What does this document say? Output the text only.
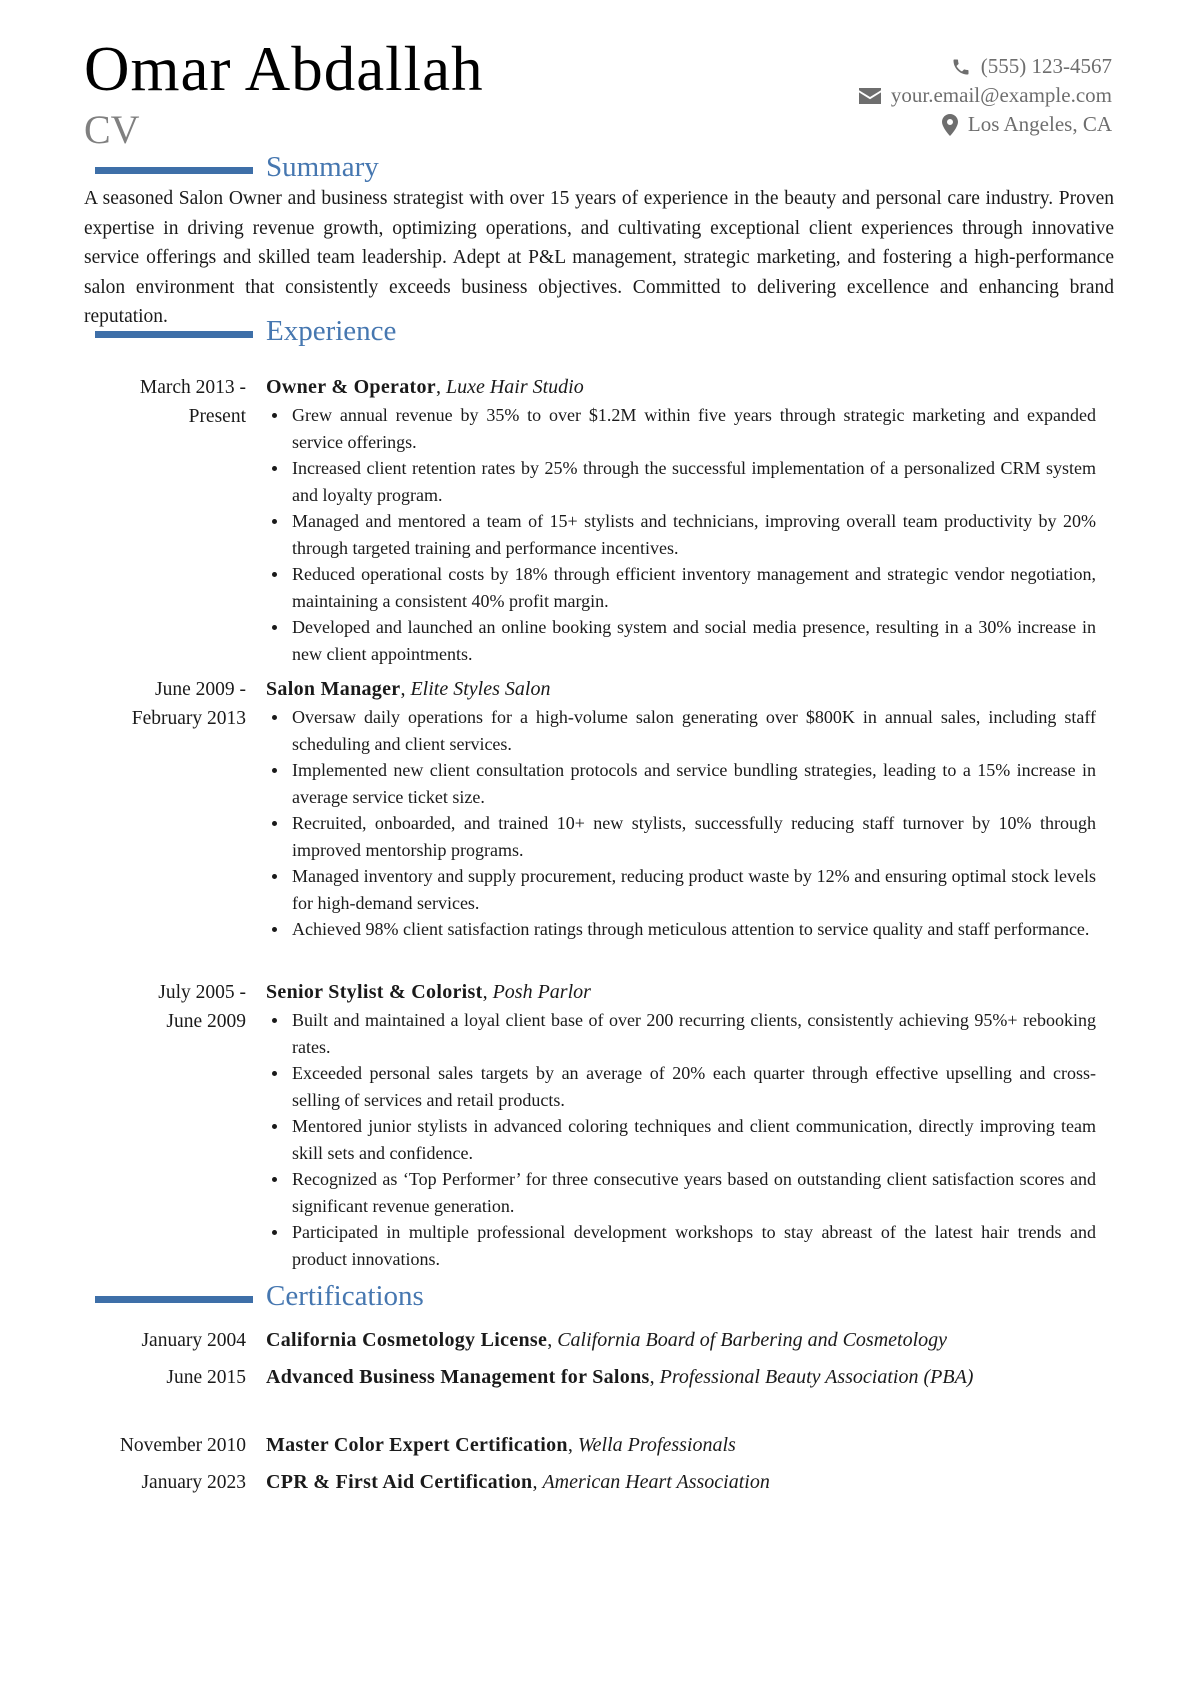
Omar Abdallah
CV
(555) 123-4567
your.email@example.com
Los Angeles, CA
Summary

A seasoned Salon Owner and business strategist with over 15 years of experience in the beauty and personal care industry. Proven expertise in driving revenue growth, optimizing operations, and cultivating exceptional client experiences through innovative service offerings and skilled team leadership. Adept at P&L management, strategic marketing, and fostering a high-performance salon environment that consistently exceeds business objectives. Committed to delivering excellence and enhancing brand reputation.	Experience
March 2013 -
Present
Owner & Operator, Luxe Hair Studio
Grew annual revenue by 35% to over $1.2M within five years through strategic marketing and expanded service offerings.
Increased client retention rates by 25% through the successful implementation of a personalized CRM system and loyalty program.
Managed and mentored a team of 15+ stylists and technicians, improving overall team productivity by 20% through targeted training and performance incentives.
Reduced operational costs by 18% through efficient inventory management and strategic vendor negotiation, maintaining a consistent 40% profit margin.
Developed and launched an online booking system and social media presence, resulting in a 30% increase in new client appointments.
June 2009 -
February 2013
Salon Manager, Elite Styles Salon
Oversaw daily operations for a high-volume salon generating over $800K in annual sales, including staff scheduling and client services.
Implemented new client consultation protocols and service bundling strategies, leading to a 15% increase in average service ticket size.
Recruited, onboarded, and trained 10+ new stylists, successfully reducing staff turnover by 10% through improved mentorship programs.
Managed inventory and supply procurement, reducing product waste by 12% and ensuring optimal stock levels for high-demand services.
Achieved 98% client satisfaction ratings through meticulous attention to service quality and staff performance.
July 2005 -
June 2009
Senior Stylist & Colorist, Posh Parlor
Built and maintained a loyal client base of over 200 recurring clients, consistently achieving 95%+ rebooking rates.
Exceeded personal sales targets by an average of 20% each quarter through effective upselling and cross-selling of services and retail products.
Mentored junior stylists in advanced coloring techniques and client communication, directly improving team skill sets and confidence.
Recognized as ‘Top Performer’ for three consecutive years based on outstanding client satisfaction scores and significant revenue generation.
Participated in multiple professional development workshops to stay abreast of the latest hair trends and product innovations.
Certifications
January 2004 California Cosmetology License, California Board of Barbering and Cosmetology
June 2015 Advanced Business Management for Salons, Professional Beauty Association (PBA)
November 2010 Master Color Expert Certification, Wella Professionals
January 2023 CPR & First Aid Certification, American Heart Association
